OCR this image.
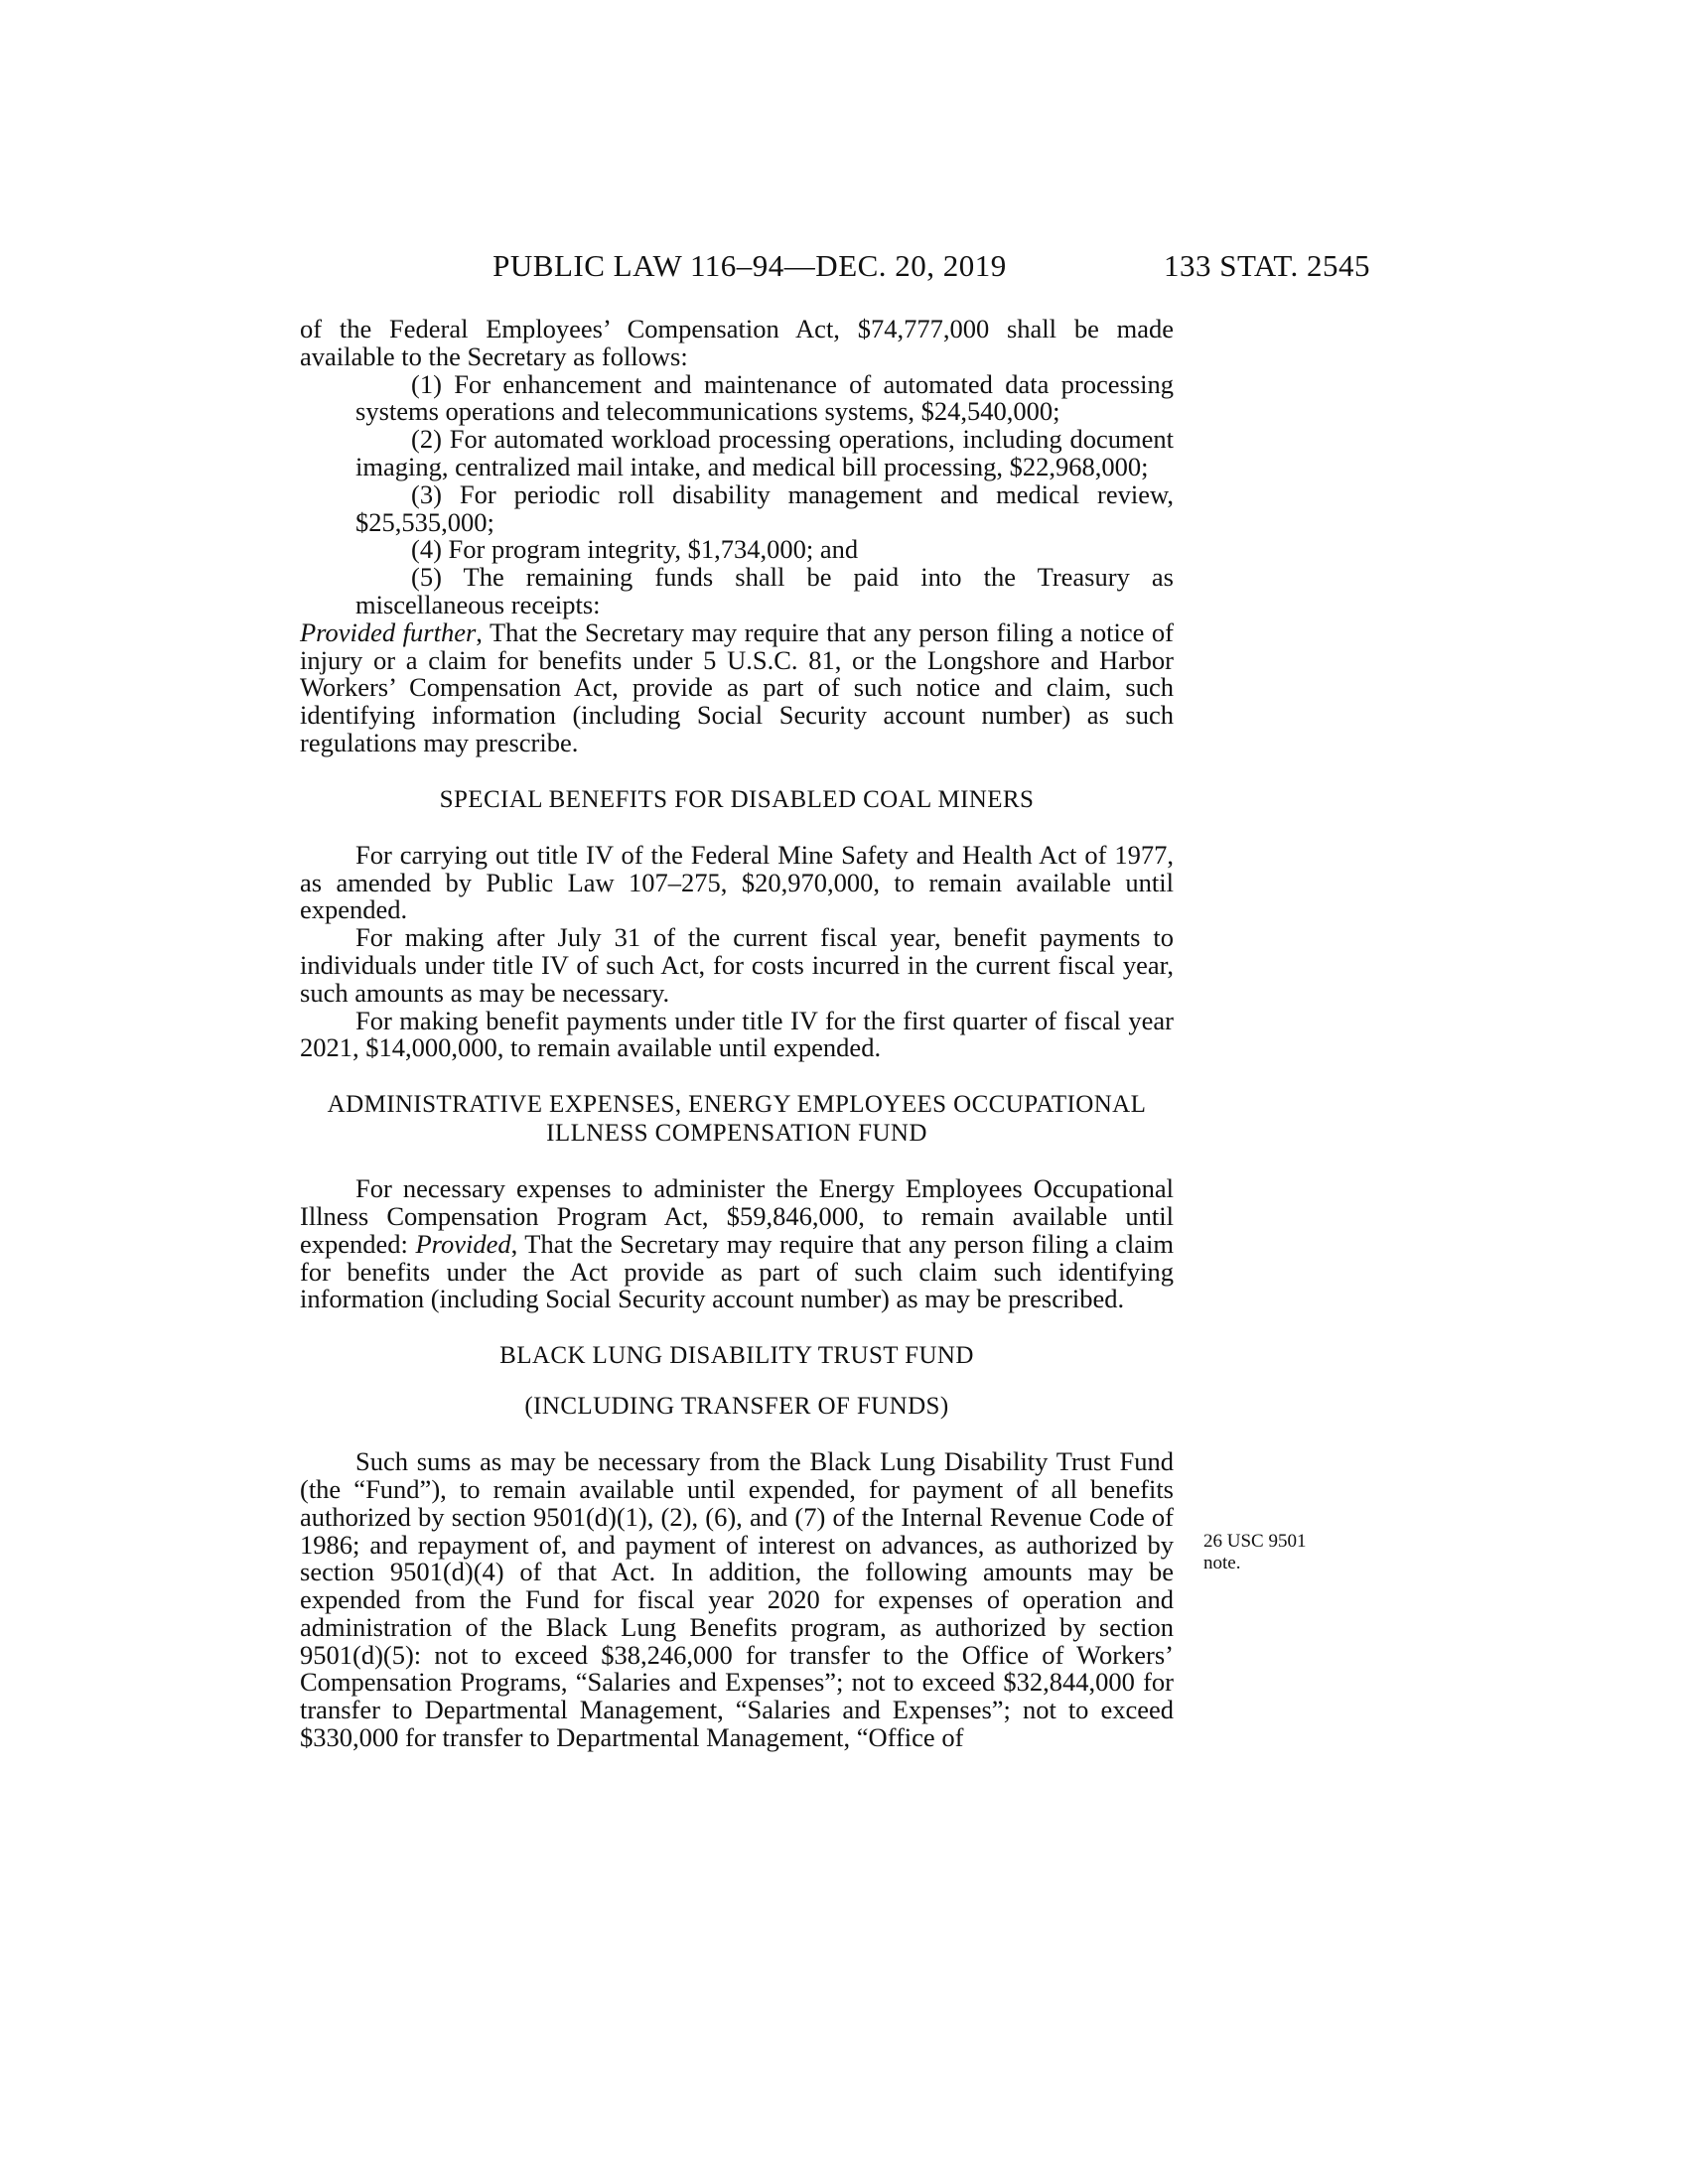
PUBLIC LAW 116–94—DEC. 20, 2019	133 STAT. 2545

of the Federal Employees’ Compensation Act, $74,777,000 shall be made available to the Secretary as follows:

(1) For enhancement and maintenance of automated data processing systems operations and telecommunications systems, $24,540,000;

(2) For automated workload processing operations, including document imaging, centralized mail intake, and medical bill processing, $22,968,000;

(3) For periodic roll disability management and medical review, $25,535,000;

(4) For program integrity, $1,734,000; and

(5) The remaining funds shall be paid into the Treasury as miscellaneous receipts:

Provided further, That the Secretary may require that any person filing a notice of injury or a claim for benefits under 5 U.S.C. 81, or the Longshore and Harbor Workers’ Compensation Act, provide as part of such notice and claim, such identifying information (including Social Security account number) as such regulations may prescribe.

SPECIAL BENEFITS FOR DISABLED COAL MINERS

For carrying out title IV of the Federal Mine Safety and Health Act of 1977, as amended by Public Law 107–275, $20,970,000, to remain available until expended.

For making after July 31 of the current fiscal year, benefit payments to individuals under title IV of such Act, for costs incurred in the current fiscal year, such amounts as may be necessary.

For making benefit payments under title IV for the first quarter of fiscal year 2021, $14,000,000, to remain available until expended.

ADMINISTRATIVE EXPENSES, ENERGY EMPLOYEES OCCUPATIONAL

ILLNESS COMPENSATION FUND

For necessary expenses to administer the Energy Employees Occupational Illness Compensation Program Act, $59,846,000, to remain available until expended: Provided, That the Secretary may require that any person filing a claim for benefits under the Act provide as part of such claim such identifying information (including Social Security account number) as may be prescribed.

BLACK LUNG DISABILITY TRUST FUND

(INCLUDING TRANSFER OF FUNDS)

Such sums as may be necessary from the Black Lung Disability Trust Fund (the “Fund”), to remain available until expended, for payment of all benefits authorized by section 9501(d)(1), (2), (6), and (7) of the Internal Revenue Code of 1986; and repayment of, and payment of interest on advances, as authorized by section 9501(d)(4) of that Act. In addition, the following amounts may be expended from the Fund for fiscal year 2020 for expenses of operation and administration of the Black Lung Benefits program, as authorized by section 9501(d)(5): not to exceed $38,246,000 for transfer to the Office of Workers’ Compensation Programs, “Salaries and Expenses”; not to exceed $32,844,000 for transfer to Departmental Management, “Salaries and Expenses”; not to exceed $330,000 for transfer to Departmental Management, “Office of

26 USC 9501
note.
